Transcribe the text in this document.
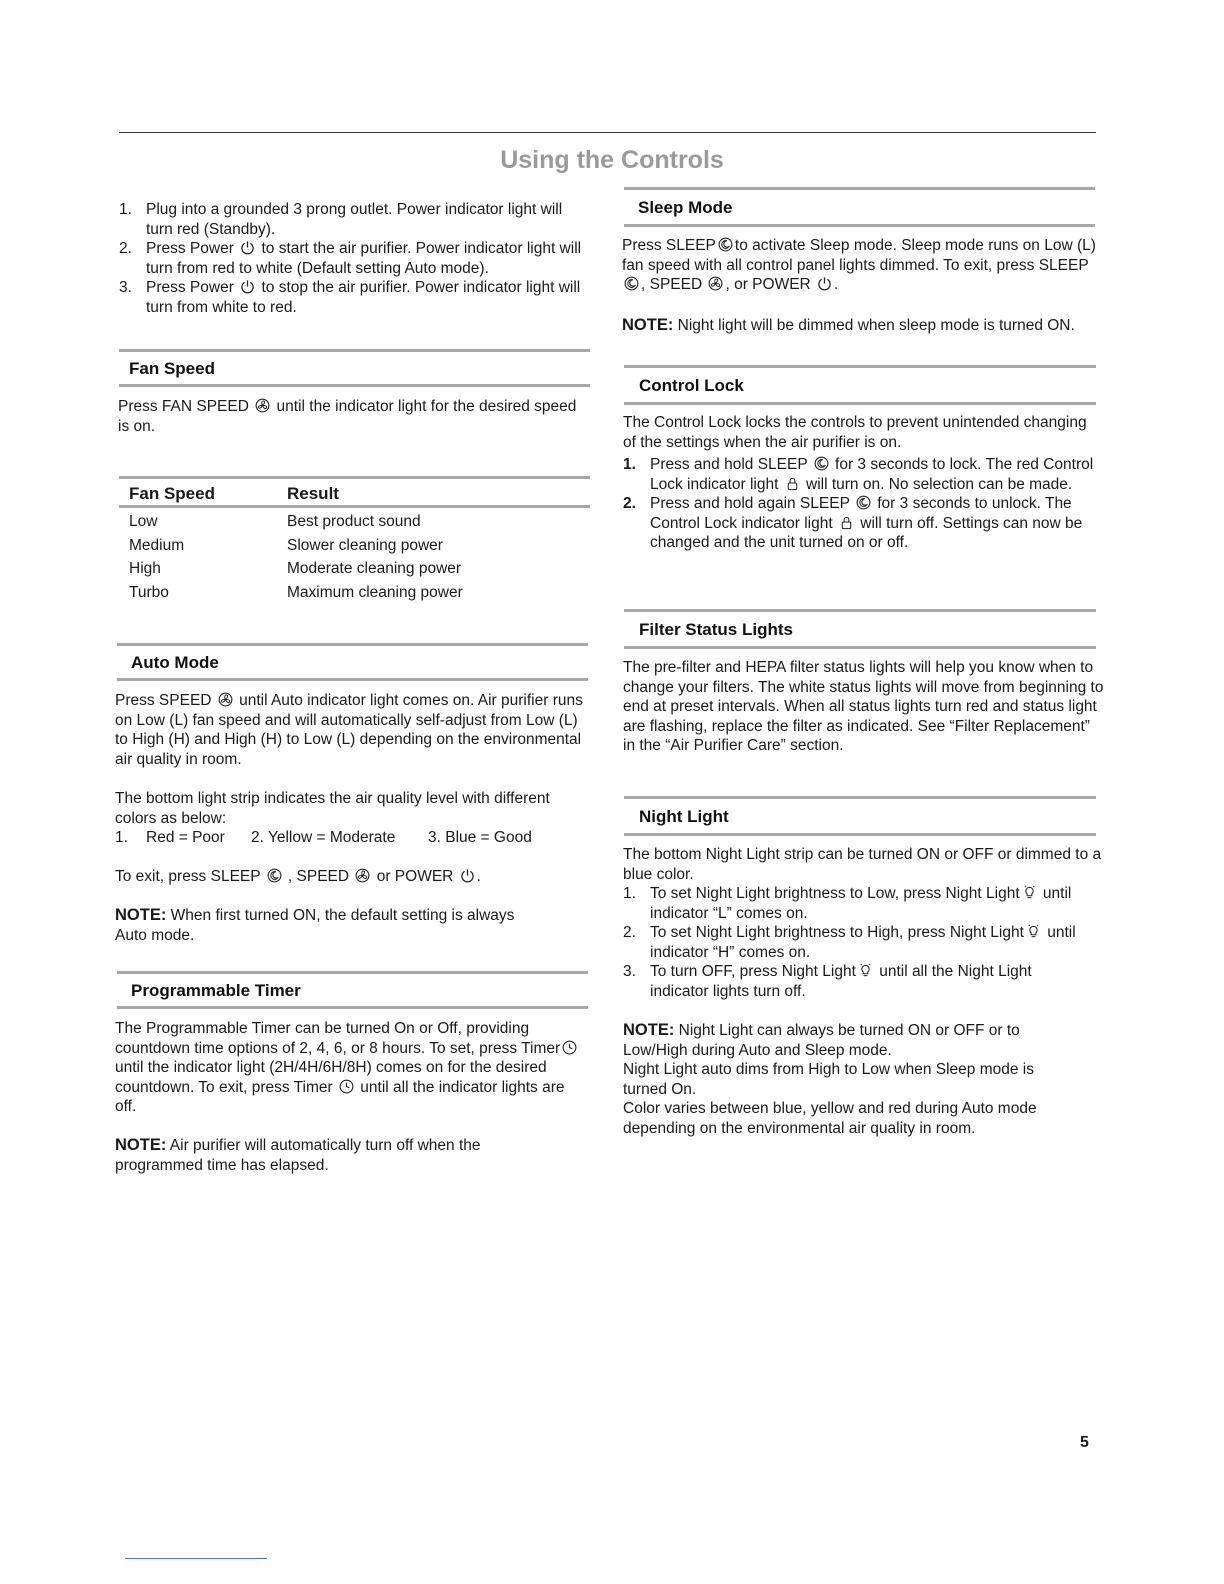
Using the Controls
1. Plug into a grounded 3 prong outlet. Power indicator light will turn red (Standby).
2. Press Power
to start the air purifier. Power indicator light will turn from red to white (Default setting Auto mode).
3. Press Power
to stop the air purifier. Power indicator light will turn from white to red.
Fan Speed

Press FAN SPEED
until the indicator light for the desired speed is on.

Fan Speed	Result
Low	Best product sound
Medium	Slower cleaning power
High	Moderate cleaning power
Turbo	Maximum cleaning power
Auto Mode

Press SPEED
until Auto indicator light comes on. Air purifier runs on Low (L) fan speed and will automatically self-adjust from Low (L) to High (H) and High (H) to Low (L) depending on the environmental air quality in room.

The bottom light strip indicates the air quality level with different colors as below:

1. Red = Poor 2. Yellow = Moderate 3. Blue = Good

To exit, press SLEEP
, SPEED
or POWER
.

NOTE: When first turned ON, the default setting is always Auto mode.

Programmable Timer

The Programmable Timer can be turned On or Off, providing countdown time options of 2, 4, 6, or 8 hours. To set, press Timer
until the indicator light (2H/4H/6H/8H) comes on for the desired countdown. To exit, press Timer
until all the indicator lights are off.

NOTE: Air purifier will automatically turn off when the programmed time has elapsed.

Sleep Mode

Press SLEEP to activate Sleep mode. Sleep mode runs on Low (L) fan speed with all control panel lights dimmed. To exit, press SLEEP
, SPEED
, or POWER
.

NOTE: Night light will be dimmed when sleep mode is turned ON.

Control Lock

The Control Lock locks the controls to prevent unintended changing of the settings when the air purifier is on.

1. Press and hold SLEEP
for 3 seconds to lock. The red Control Lock indicator light
will turn on. No selection can be made.
2. Press and hold again SLEEP
for 3 seconds to unlock. The Control Lock indicator light
will turn off. Settings can now be changed and the unit turned on or off.
Filter Status Lights

The pre-filter and HEPA filter status lights will help you know when to change your filters. The white status lights will move from beginning to end at preset intervals. When all status lights turn red and status light are flashing, replace the filter as indicated. See “Filter Replacement” in the “Air Purifier Care” section.

Night Light

The bottom Night Light strip can be turned ON or OFF or dimmed to a blue color.

1. To set Night Light brightness to Low, press Night Light
until indicator “L” comes on.
2. To set Night Light brightness to High, press Night Light
until indicator “H” comes on.
3. To turn OFF, press Night Light
until all the Night Light indicator lights turn off.

NOTE: Night Light can always be turned ON or OFF or to Low/High during Auto and Sleep mode.

Night Light auto dims from High to Low when Sleep mode is turned On.

Color varies between blue, yellow and red during Auto mode depending on the environmental air quality in room.

5
